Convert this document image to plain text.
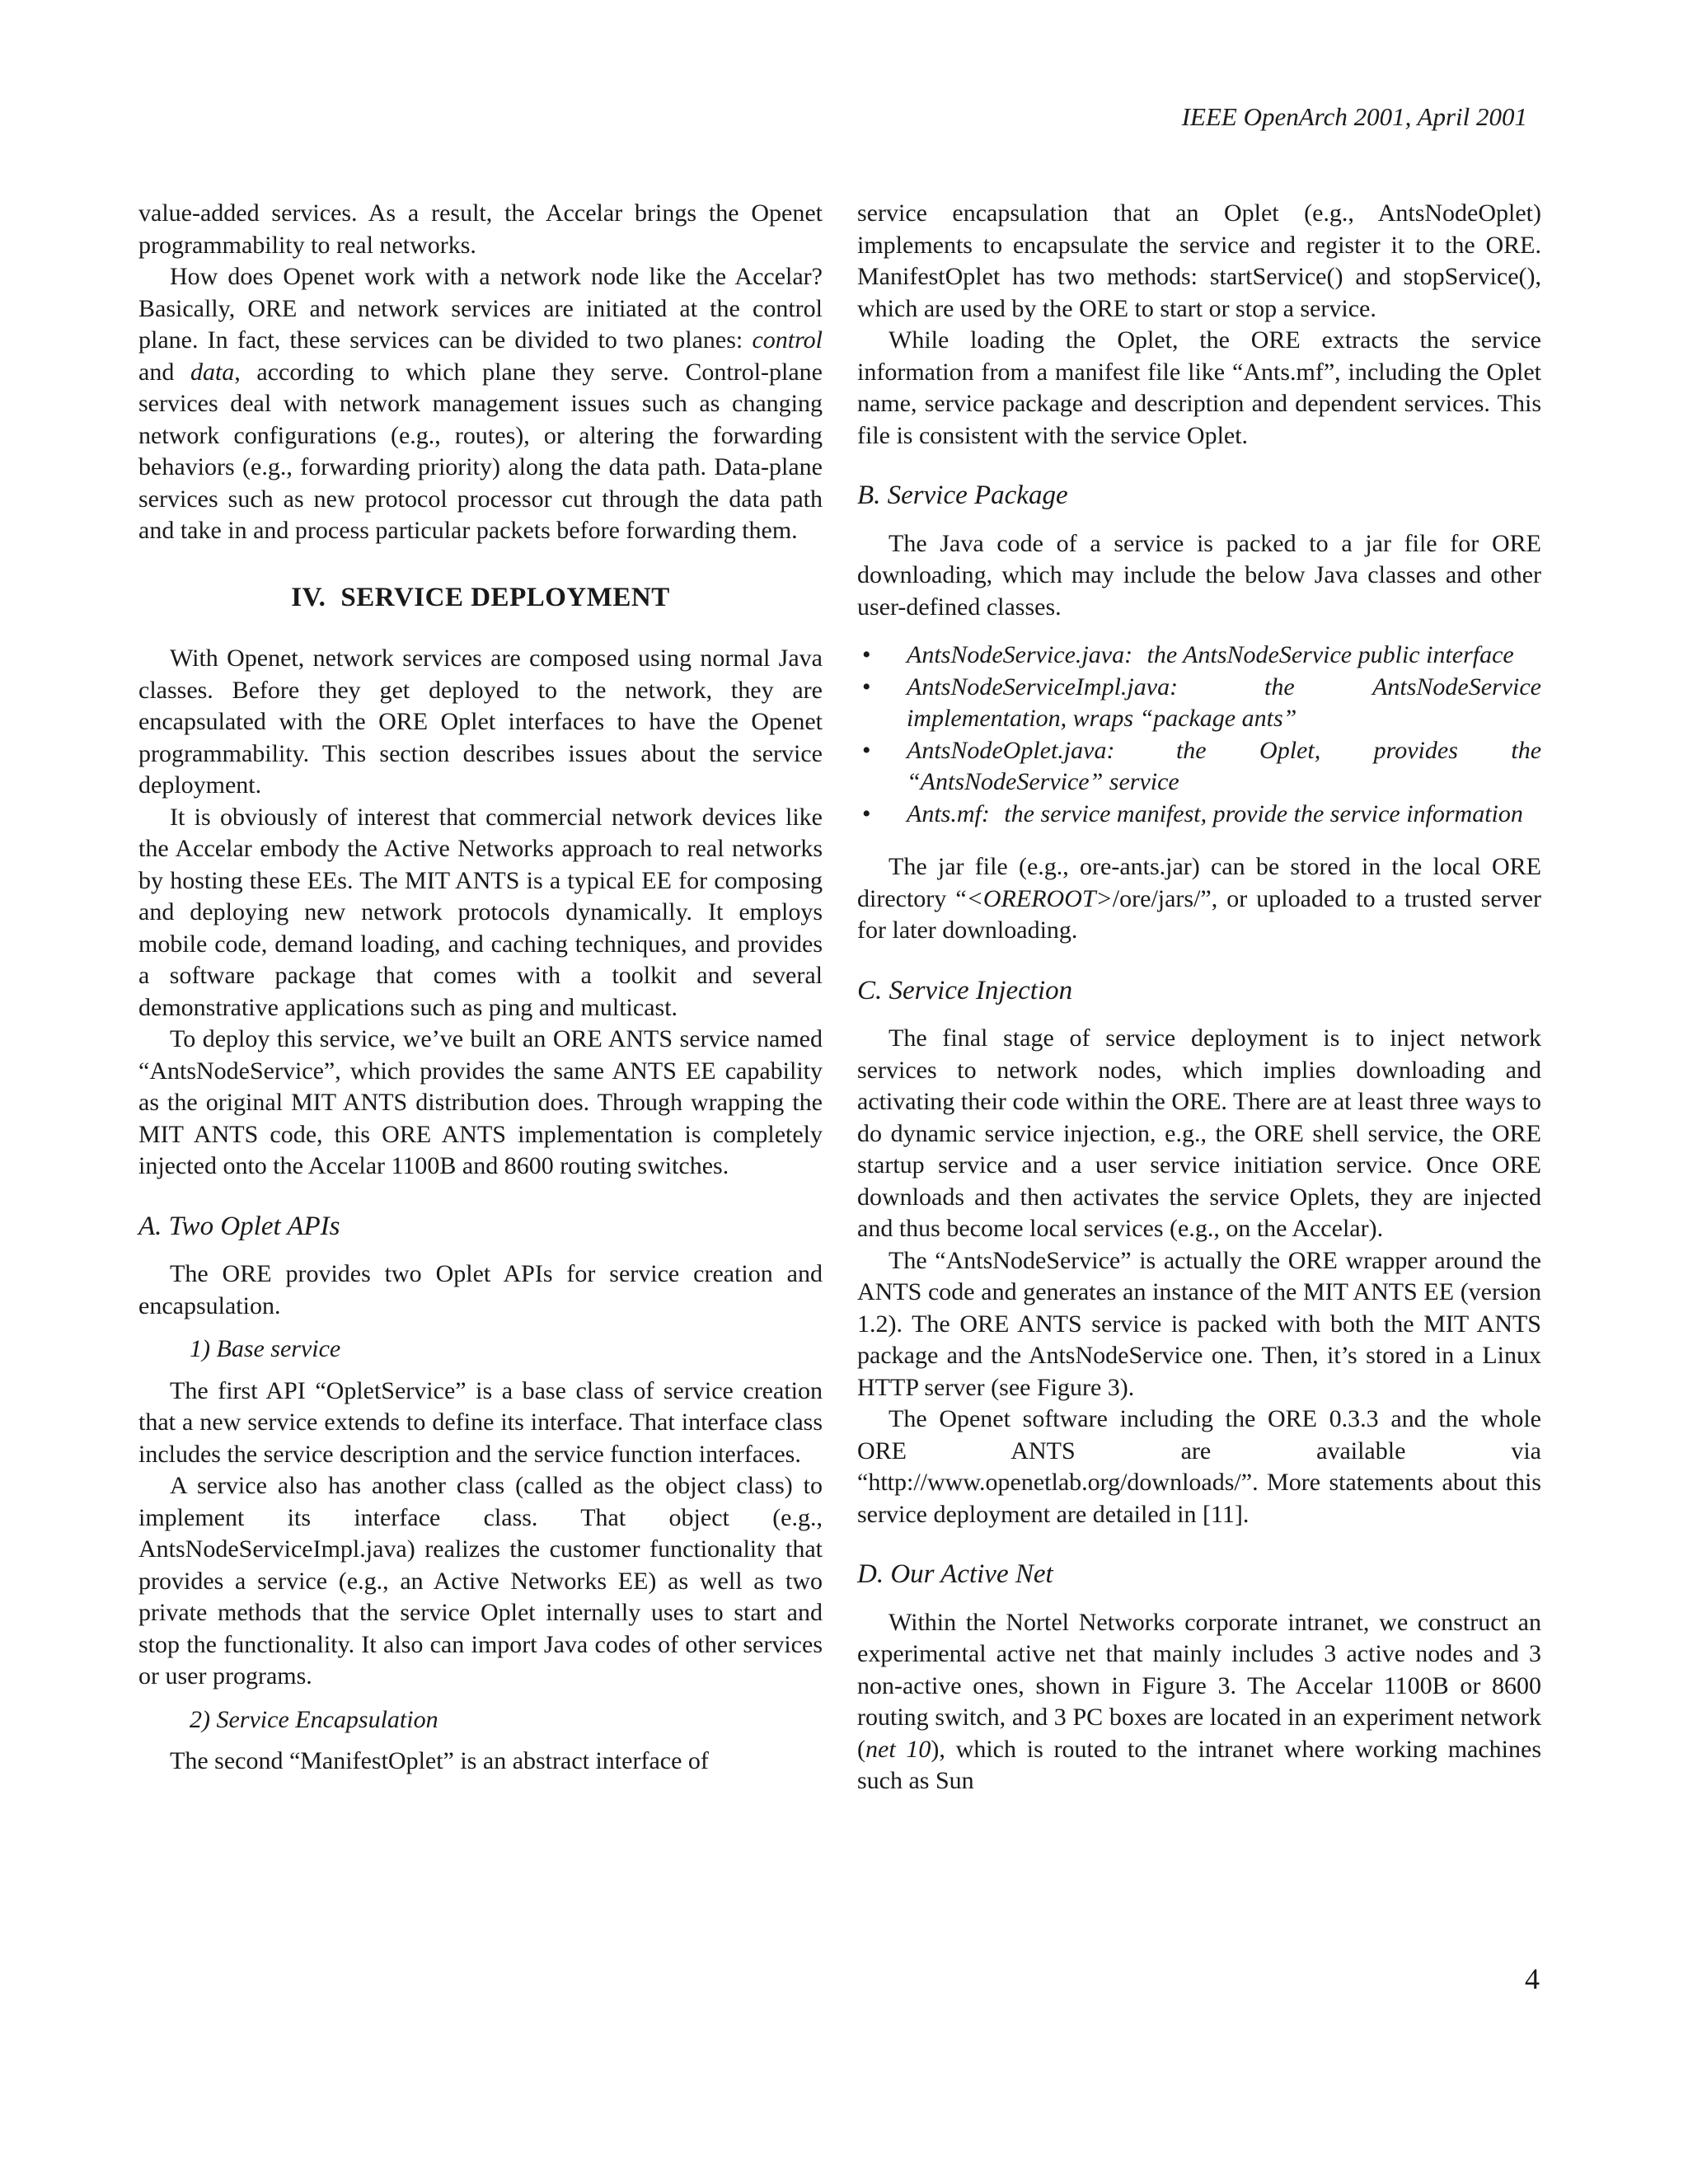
IEEE OpenArch 2001, April 2001

value-added services. As a result, the Accelar brings the Openet programmability to real networks.

How does Openet work with a network node like the Accelar? Basically, ORE and network services are initiated at the control plane. In fact, these services can be divided to two planes: control and data, according to which plane they serve. Control-plane services deal with network management issues such as changing network configurations (e.g., routes), or altering the forwarding behaviors (e.g., forwarding priority) along the data path. Data-plane services such as new protocol processor cut through the data path and take in and process particular packets before forwarding them.

IV. SERVICE DEPLOYMENT

With Openet, network services are composed using normal Java classes. Before they get deployed to the network, they are encapsulated with the ORE Oplet interfaces to have the Openet programmability. This section describes issues about the service deployment.

It is obviously of interest that commercial network devices like the Accelar embody the Active Networks approach to real networks by hosting these EEs. The MIT ANTS is a typical EE for composing and deploying new network protocols dynamically. It employs mobile code, demand loading, and caching techniques, and provides a software package that comes with a toolkit and several demonstrative applications such as ping and multicast.

To deploy this service, we’ve built an ORE ANTS service named “AntsNodeService”, which provides the same ANTS EE capability as the original MIT ANTS distribution does. Through wrapping the MIT ANTS code, this ORE ANTS implementation is completely injected onto the Accelar 1100B and 8600 routing switches.

A. Two Oplet APIs

The ORE provides two Oplet APIs for service creation and encapsulation.

1) Base service

The first API “OpletService” is a base class of service creation that a new service extends to define its interface. That interface class includes the service description and the service function interfaces.

A service also has another class (called as the object class) to implement its interface class. That object (e.g., AntsNodeServiceImpl.java) realizes the customer functionality that provides a service (e.g., an Active Networks EE) as well as two private methods that the service Oplet internally uses to start and stop the functionality. It also can import Java codes of other services or user programs.

2) Service Encapsulation

The second “ManifestOplet” is an abstract interface of

service encapsulation that an Oplet (e.g., AntsNodeOplet) implements to encapsulate the service and register it to the ORE. ManifestOplet has two methods: startService() and stopService(), which are used by the ORE to start or stop a service.

While loading the Oplet, the ORE extracts the service information from a manifest file like “Ants.mf”, including the Oplet name, service package and description and dependent services. This file is consistent with the service Oplet.

B. Service Package

The Java code of a service is packed to a jar file for ORE downloading, which may include the below Java classes and other user-defined classes.

• AntsNodeService.java: the AntsNodeService public interface
• AntsNodeServiceImpl.java:	the AntsNodeService implementation, wraps “package ants”
• AntsNodeOplet.java: the Oplet, provides the “AntsNodeService” service
• Ants.mf: the service manifest, provide the service information

The jar file (e.g., ore-ants.jar) can be stored in the local ORE directory “<OREROOT>/ore/jars/”, or uploaded to a trusted server for later downloading.

C. Service Injection

The final stage of service deployment is to inject network services to network nodes, which implies downloading and activating their code within the ORE. There are at least three ways to do dynamic service injection, e.g., the ORE shell service, the ORE startup service and a user service initiation service. Once ORE downloads and then activates the service Oplets, they are injected and thus become local services (e.g., on the Accelar).

The “AntsNodeService” is actually the ORE wrapper around the ANTS code and generates an instance of the MIT ANTS EE (version 1.2). The ORE ANTS service is packed with both the MIT ANTS package and the AntsNodeService one. Then, it’s stored in a Linux HTTP server (see Figure 3).

The Openet software including the ORE 0.3.3 and the whole ORE ANTS are available via “http://www.openetlab.org/downloads/”. More statements about this service deployment are detailed in [11].

D. Our Active Net

Within the Nortel Networks corporate intranet, we construct an experimental active net that mainly includes 3 active nodes and 3 non-active ones, shown in Figure 3. The Accelar 1100B or 8600 routing switch, and 3 PC boxes are located in an experiment network (net 10), which is routed to the intranet where working machines such as Sun

4
